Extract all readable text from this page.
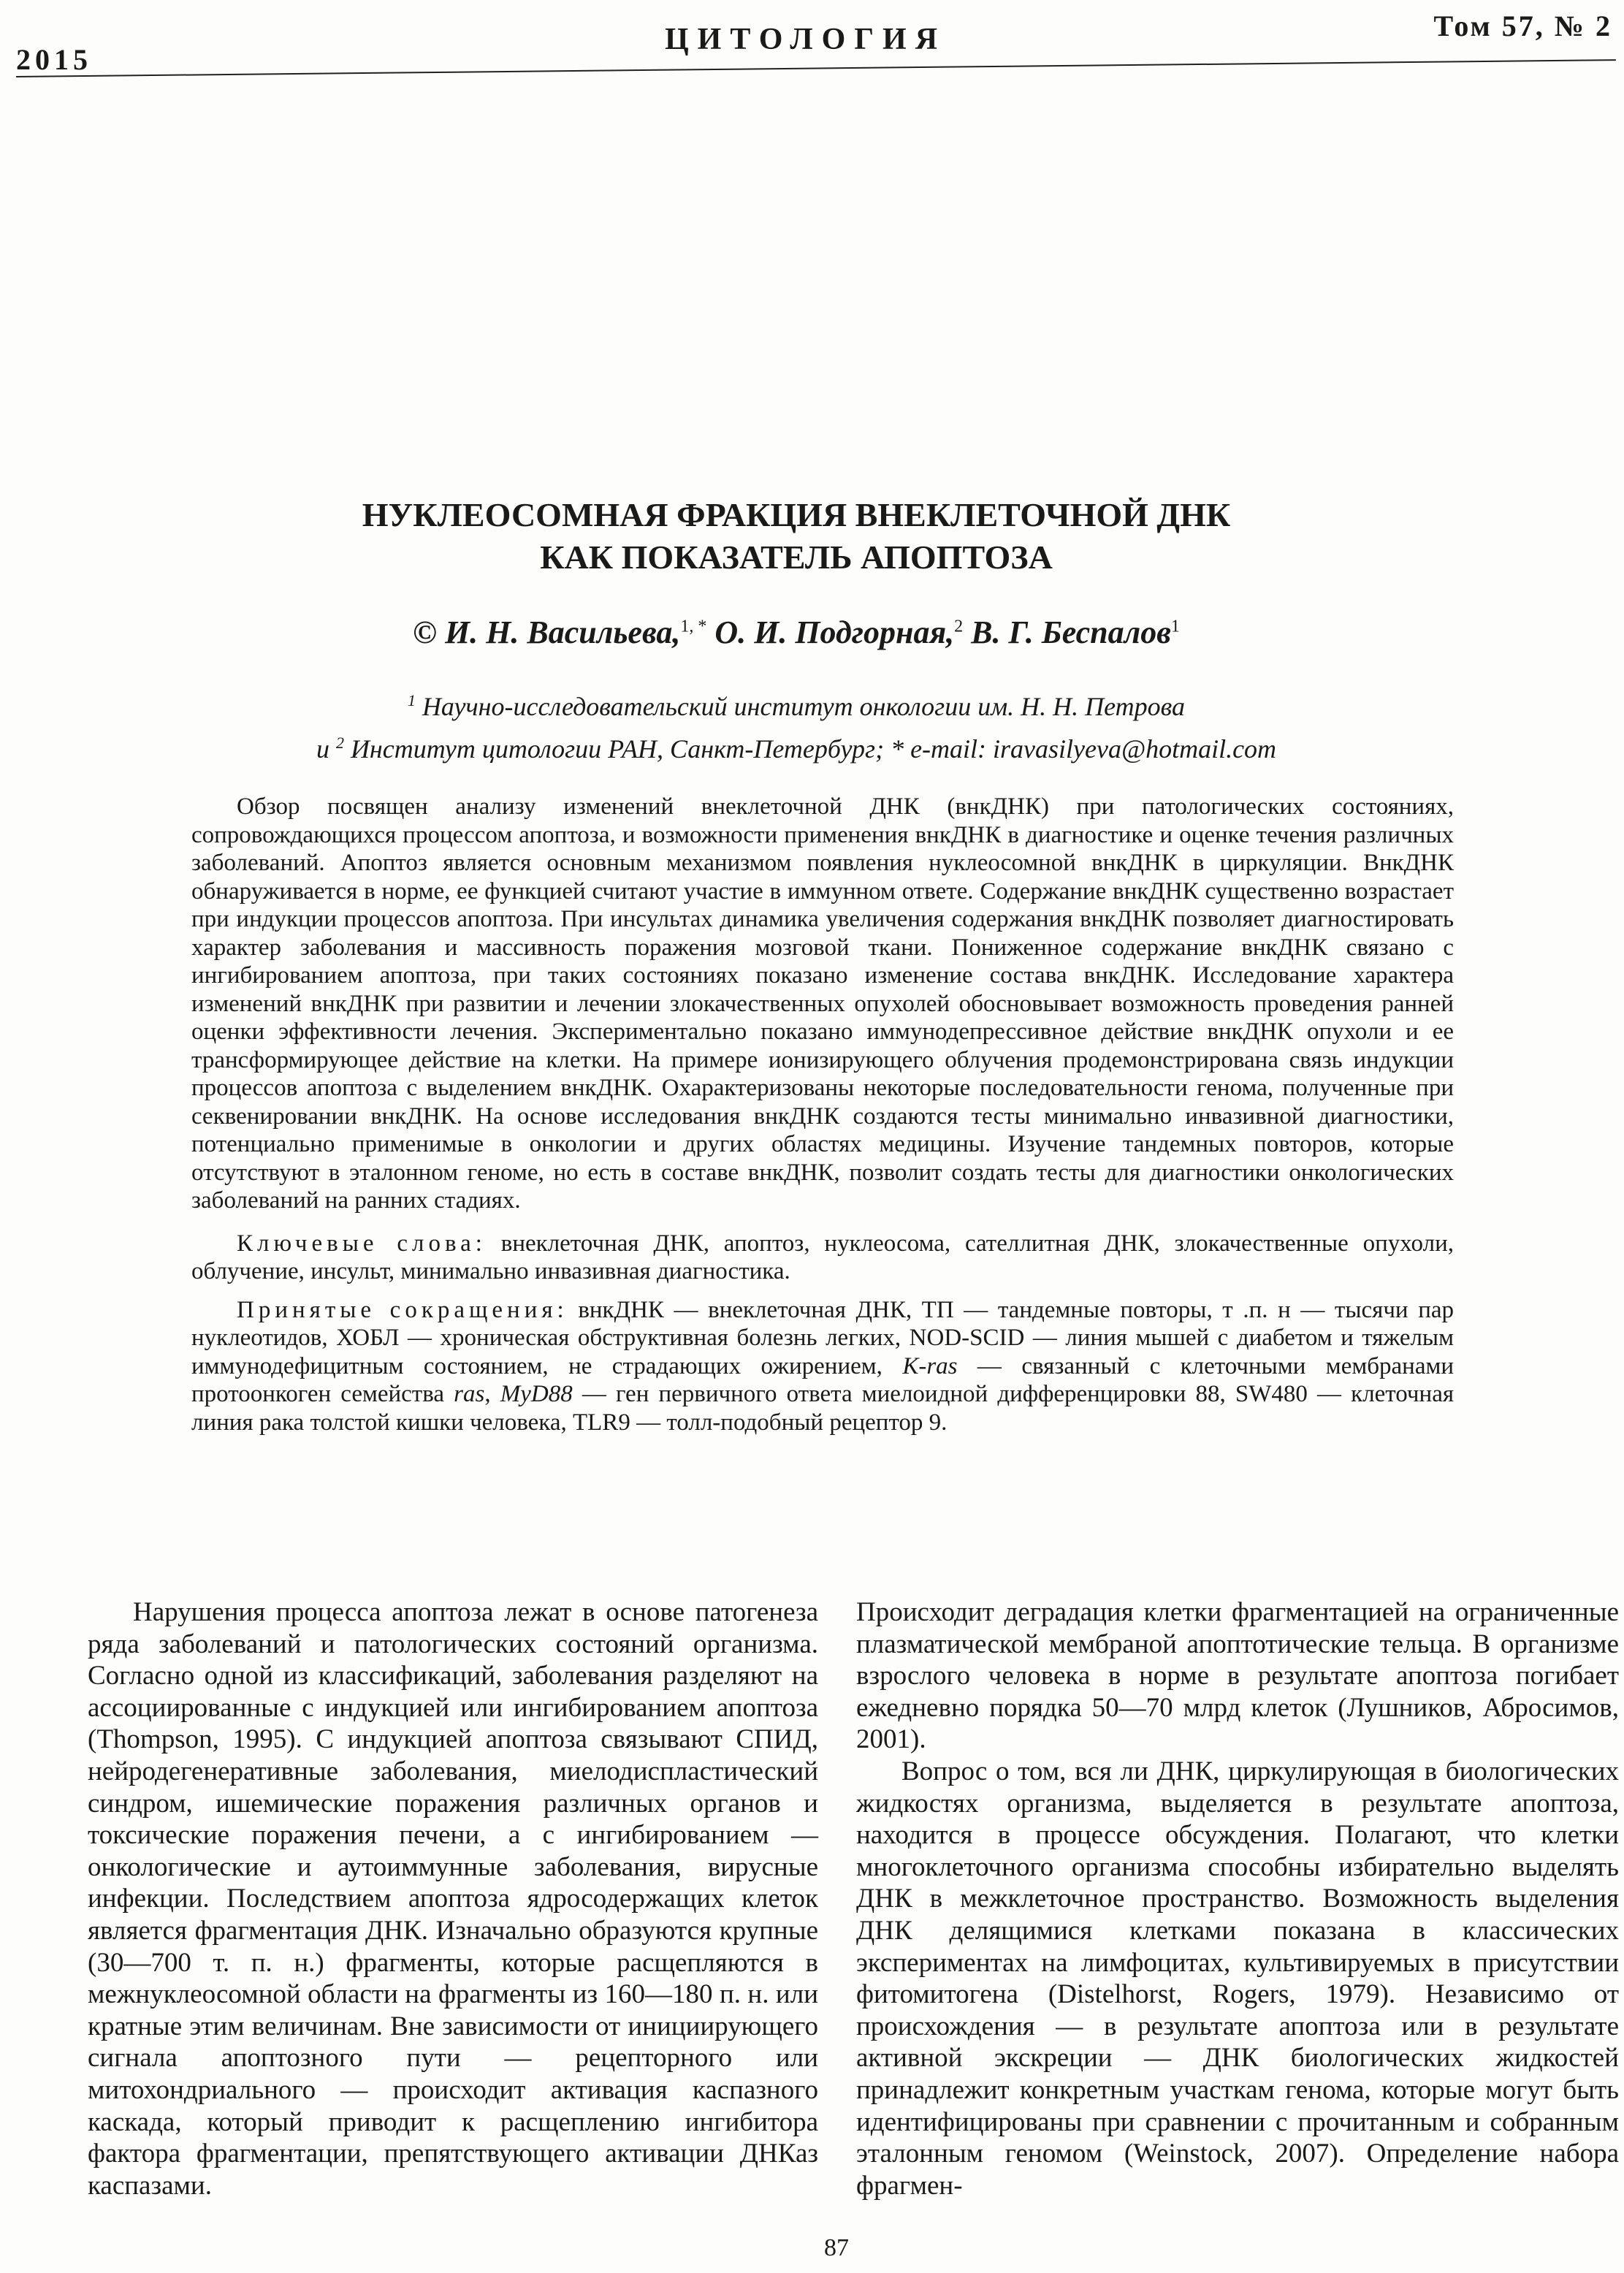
2015
ЦИТОЛОГИЯ	Том 57, № 2
НУКЛЕОСОМНАЯ ФРАКЦИЯ ВНЕКЛЕТОЧНОЙ ДНК
КАК ПОКАЗАТЕЛЬ АПОПТОЗА
© И. Н. Васильева,$^{1, *}$ О. И. Подгорная,$^2$ В. Г. Беспалов$^1$
$^1$ Научно-исследовательский институт онкологии им. Н. Н. Петрова
и $^2$ Институт цитологии РАН, Санкт-Петербург; * e-mail: iravasilyeva@hotmail.com

Обзор посвящен анализу изменений внеклеточной ДНК (внкДНК) при патологических состояниях, сопровождающихся процессом апоптоза, и возможности применения внкДНК в диагностике и оценке течения различных заболеваний. Апоптоз является основным механизмом появления нуклеосомной внкДНК в циркуляции. ВнкДНК обнаруживается в норме, ее функцией считают участие в иммунном ответе. Содержание внкДНК существенно возрастает при индукции процессов апоптоза. При инсультах динамика увеличения содержания внкДНК позволяет диагностировать характер заболевания и массивность поражения мозговой ткани. Пониженное содержание внкДНК связано с ингибированием апоптоза, при таких состояниях показано изменение состава внкДНК. Исследование характера изменений внкДНК при развитии и лечении злокачественных опухолей обосновывает возможность проведения ранней оценки эффективности лечения. Экспериментально показано иммунодепрессивное действие внкДНК опухоли и ее трансформирующее действие на клетки. На примере ионизирующего облучения продемонстрирована связь индукции процессов апоптоза с выделением внкДНК. Охарактеризованы некоторые последовательности генома, полученные при секвенировании внкДНК. На основе исследования внкДНК создаются тесты минимально инвазивной диагностики, потенциально применимые в онкологии и других областях медицины. Изучение тандемных повторов, которые отсутствуют в эталонном геноме, но есть в составе внкДНК, позволит создать тесты для диагностики онкологических заболеваний на ранних стадиях.

Ключевые слова: внеклеточная ДНК, апоптоз, нуклеосома, сателлитная ДНК, злокачественные опухоли, облучение, инсульт, минимально инвазивная диагностика.

Принятые сокращения: внкДНК — внеклеточная ДНК, ТП — тандемные повторы, т .п. н — тысячи пар нуклеотидов, ХОБЛ — хроническая обструктивная болезнь легких, NOD-SCID — линия мышей с диабетом и тяжелым иммунодефицитным состоянием, не страдающих ожирением, K-ras — связанный с клеточными мембранами протоонкоген семейства ras, MyD88 — ген первичного ответа миелоидной дифференцировки 88, SW480 — клеточная линия рака толстой кишки человека, TLR9 — толл-подобный рецептор 9.

Нарушения процесса апоптоза лежат в основе патогенеза ряда заболеваний и патологических состояний организма. Согласно одной из классификаций, заболевания разделяют на ассоциированные с индукцией или ингибированием апоптоза (Thompson, 1995). С индукцией апоптоза связывают СПИД, нейродегенеративные заболевания, миелодиспластический синдром, ишемические поражения различных органов и токсические поражения печени, а с ингибированием — онкологические и аутоиммунные заболевания, вирусные инфекции. Последствием апоптоза ядросодержащих клеток является фрагментация ДНК. Изначально образуются крупные (30—700 т. п. н.) фрагменты, которые расщепляются в межнуклеосомной области на фрагменты из 160—180 п. н. или кратные этим величинам. Вне зависимости от инициирующего сигнала апоптозного пути — рецепторного или митохондриального — происходит активация каспазного каскада, который приводит к расщеплению ингибитора фактора фрагментации, препятствующего активации ДНКаз каспазами.

Происходит деградация клетки фрагментацией на ограниченные плазматической мембраной апоптотические тельца. В организме взрослого человека в норме в результате апоптоза погибает ежедневно порядка 50—70 млрд клеток (Лушников, Абросимов, 2001).

Вопрос о том, вся ли ДНК, циркулирующая в биологических жидкостях организма, выделяется в результате апоптоза, находится в процессе обсуждения. Полагают, что клетки многоклеточного организма способны избирательно выделять ДНК в межклеточное пространство. Возможность выделения ДНК делящимися клетками показана в классических экспериментах на лимфоцитах, культивируемых в присутствии фитомитогена (Distelhorst, Rogers, 1979). Независимо от происхождения — в результате апоптоза или в результате активной экскреции — ДНК биологических жидкостей принадлежит конкретным участкам генома, которые могут быть идентифицированы при сравнении с прочитанным и собранным эталонным геномом (Weinstock, 2007). Определение набора фрагмен-

87
